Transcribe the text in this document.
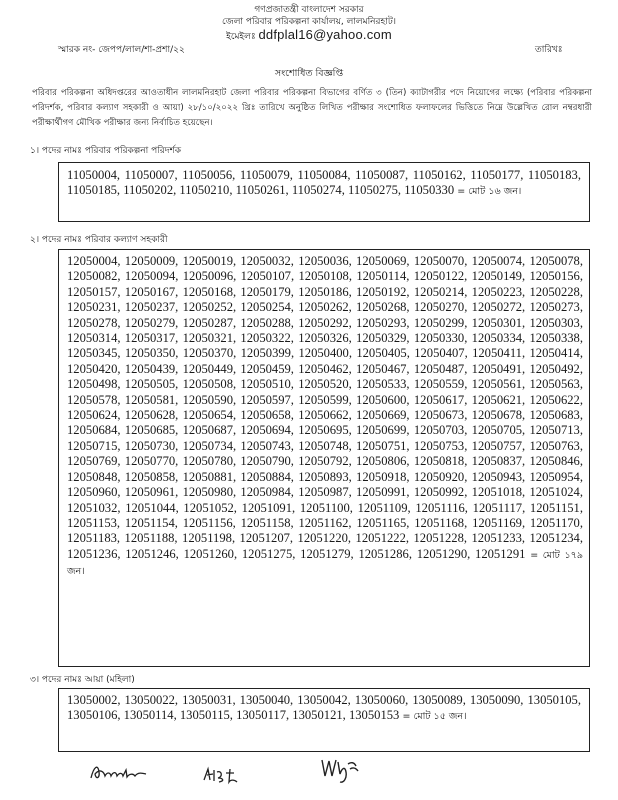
গণপ্রজাতন্ত্রী বাংলাদেশ সরকার
জেলা পরিবার পরিকল্পনা কার্যালয়, লালমনিরহাট।
ইমেইলঃ ddfplal16@yahoo.com
স্মারক নং- জেপপ/লাল/শা-প্রশা/২২	তারিখঃ
সংশোধিত বিজ্ঞপ্তি
পরিবার পরিকল্পনা অধিদপ্তরের আওতাধীন লালমনিরহাট জেলা পরিবার পরিকল্পনা বিভাগের বর্ণিত ৩ (তিন) ক্যাটাগরীর পদে নিয়োগের লক্ষ্যে (পরিবার পরিকল্পনা পরিদর্শক, পরিবার কল্যাণ সহকারী ও আয়া) ২৮/১০/২০২২ খ্রিঃ তারিখে অনুষ্ঠিত লিখিত পরীক্ষার সংশোধিত ফলাফলের ভিত্তিতে নিম্নে উল্লেখিত রোল নম্বরধারী পরীক্ষার্থীগণ মৌখিক পরীক্ষার জন্য নির্বাচিত হয়েছেন।
১। পদের নামঃ পরিবার পরিকল্পনা পরিদর্শক

11050004, 11050007, 11050056, 11050079, 11050084, 11050087, 11050162, 11050177, 11050183, 11050185, 11050202, 11050210, 11050261, 11050274, 11050275, 11050330 = মোট ১৬ জন।

২। পদের নামঃ পরিবার কল্যাণ সহকারী

12050004, 12050009, 12050019, 12050032, 12050036, 12050069, 12050070, 12050074, 12050078, 12050082, 12050094, 12050096, 12050107, 12050108, 12050114, 12050122, 12050149, 12050156, 12050157, 12050167, 12050168, 12050179, 12050186, 12050192, 12050214, 12050223, 12050228, 12050231, 12050237, 12050252, 12050254, 12050262, 12050268, 12050270, 12050272, 12050273, 12050278, 12050279, 12050287, 12050288, 12050292, 12050293, 12050299, 12050301, 12050303, 12050314, 12050317, 12050321, 12050322, 12050326, 12050329, 12050330, 12050334, 12050338, 12050345, 12050350, 12050370, 12050399, 12050400, 12050405, 12050407, 12050411, 12050414, 12050420, 12050439, 12050449, 12050459, 12050462, 12050467, 12050487, 12050491, 12050492, 12050498, 12050505, 12050508, 12050510, 12050520, 12050533, 12050559, 12050561, 12050563, 12050578, 12050581, 12050590, 12050597, 12050599, 12050600, 12050617, 12050621, 12050622, 12050624, 12050628, 12050654, 12050658, 12050662, 12050669, 12050673, 12050678, 12050683, 12050684, 12050685, 12050687, 12050694, 12050695, 12050699, 12050703, 12050705, 12050713, 12050715, 12050730, 12050734, 12050743, 12050748, 12050751, 12050753, 12050757, 12050763, 12050769, 12050770, 12050780, 12050790, 12050792, 12050806, 12050818, 12050837, 12050846, 12050848, 12050858, 12050881, 12050884, 12050893, 12050918, 12050920, 12050943, 12050954, 12050960, 12050961, 12050980, 12050984, 12050987, 12050991, 12050992, 12051018, 12051024, 12051032, 12051044, 12051052, 12051091, 12051100, 12051109, 12051116, 12051117, 12051151, 12051153, 12051154, 12051156, 12051158, 12051162, 12051165, 12051168, 12051169, 12051170, 12051183, 12051188, 12051198, 12051207, 12051220, 12051222, 12051228, 12051233, 12051234, 12051236, 12051246, 12051260, 12051275, 12051279, 12051286, 12051290, 12051291 = মোট ১৭৯ জন।

৩। পদের নামঃ আয়া (মহিলা)

13050002, 13050022, 13050031, 13050040, 13050042, 13050060, 13050089, 13050090, 13050105, 13050106, 13050114, 13050115, 13050117, 13050121, 13050153 = মোট ১৫ জন।
